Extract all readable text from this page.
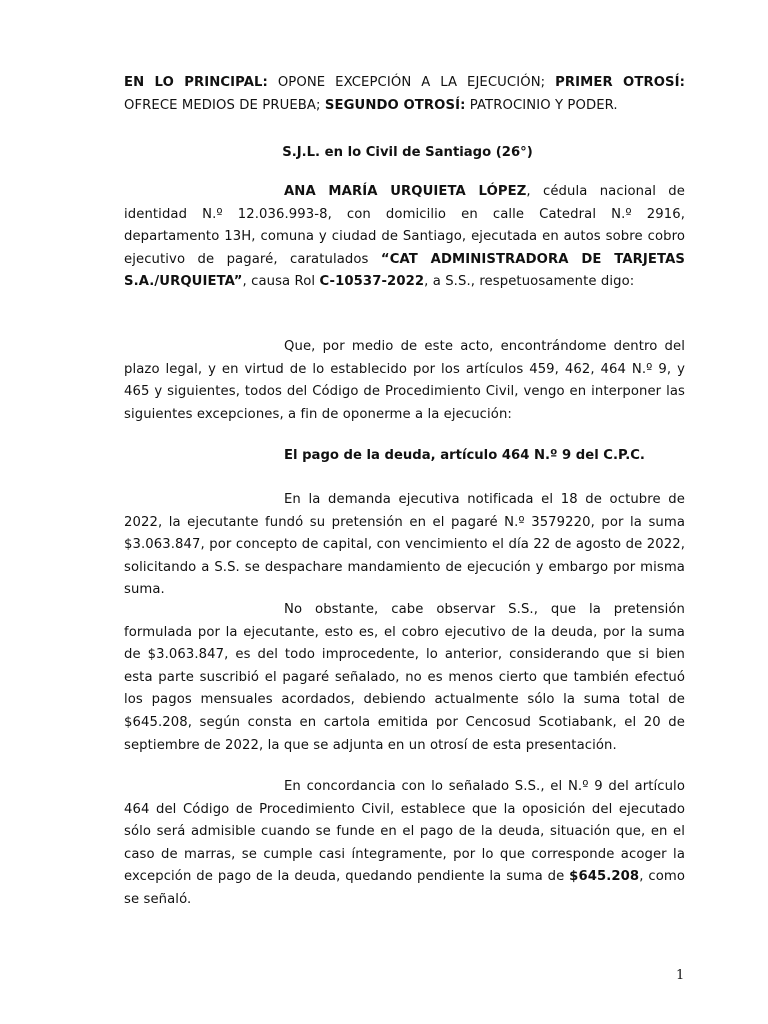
EN LO PRINCIPAL: OPONE EXCEPCIÓN A LA EJECUCIÓN; PRIMER OTROSÍ: OFRECE MEDIOS DE PRUEBA; SEGUNDO OTROSÍ: PATROCINIO Y PODER.
S.J.L. en lo Civil de Santiago (26°)
ANA MARÍA URQUIETA LÓPEZ, cédula nacional de identidad N.º 12.036.993-8, con domicilio en calle Catedral N.º 2916, departamento 13H, comuna y ciudad de Santiago, ejecutada en autos sobre cobro ejecutivo de pagaré, caratulados “CAT ADMINISTRADORA DE TARJETAS S.A./URQUIETA”, causa Rol C-10537-2022, a S.S., respetuosamente digo:
Que, por medio de este acto, encontrándome dentro del plazo legal, y en virtud de lo establecido por los artículos 459, 462, 464 N.º 9, y 465 y siguientes, todos del Código de Procedimiento Civil, vengo en interponer las siguientes excepciones, a fin de oponerme a la ejecución:
El pago de la deuda, artículo 464 N.º 9 del C.P.C.
En la demanda ejecutiva notificada el 18 de octubre de 2022, la ejecutante fundó su pretensión en el pagaré N.º 3579220, por la suma $3.063.847, por concepto de capital, con vencimiento el día 22 de agosto de 2022, solicitando a S.S. se despachare mandamiento de ejecución y embargo por misma suma.
No obstante, cabe observar S.S., que la pretensión formulada por la ejecutante, esto es, el cobro ejecutivo de la deuda, por la suma de $3.063.847, es del todo improcedente, lo anterior, considerando que si bien esta parte suscribió el pagaré señalado, no es menos cierto que también efectuó los pagos mensuales acordados, debiendo actualmente sólo la suma total de $645.208, según consta en cartola emitida por Cencosud Scotiabank, el 20 de septiembre de 2022, la que se adjunta en un otrosí de esta presentación.
En concordancia con lo señalado S.S., el N.º 9 del artículo 464 del Código de Procedimiento Civil, establece que la oposición del ejecutado sólo será admisible cuando se funde en el pago de la deuda, situación que, en el caso de marras, se cumple casi íntegramente, por lo que corresponde acoger la excepción de pago de la deuda, quedando pendiente la suma de $645.208, como se señaló.
1
